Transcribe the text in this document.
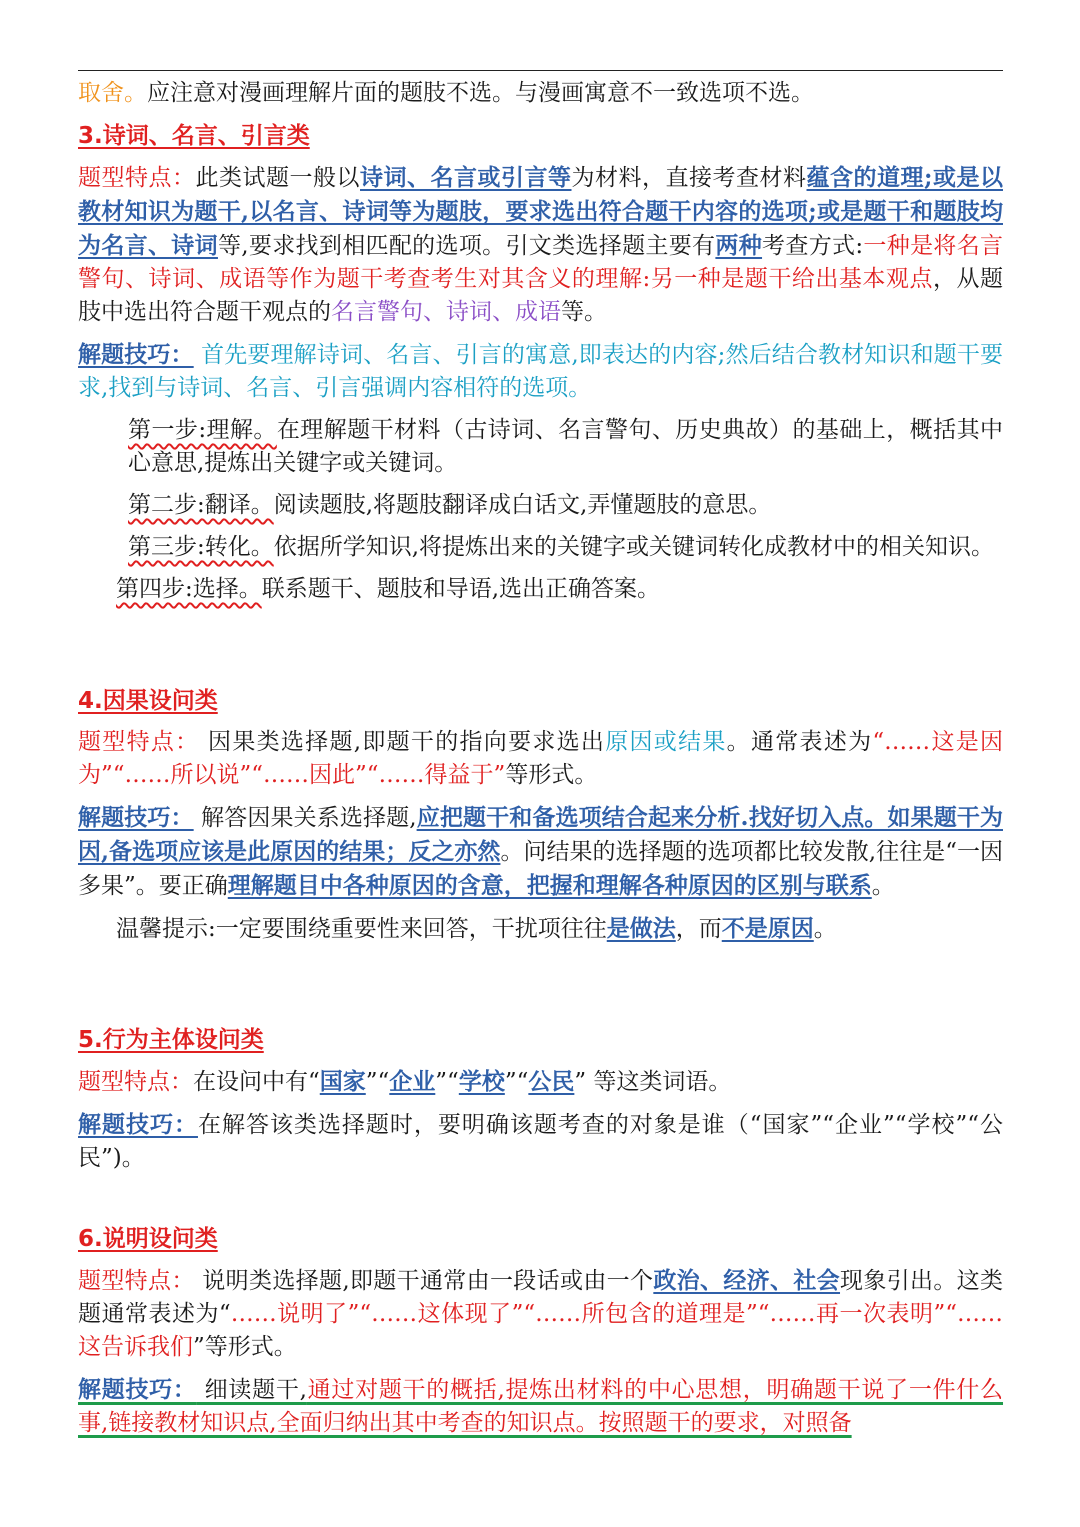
取舍。应注意对漫画理解片面的题肢不选。与漫画寓意不一致选项不选。

3.诗词、名言、引言类

题型特点：此类试题一般以诗词、名言或引言等为材料，直接考查材料蕴含的道理;或是以教材知识为题干,以名言、诗词等为题肢，要求选出符合题干内容的选项;或是题干和题肢均为名言、诗词等,要求找到相匹配的选项。引文类选择题主要有两种考查方式:一种是将名言警句、诗词、成语等作为题干考查考生对其含义的理解:另一种是题干给出基本观点，从题肢中选出符合题干观点的名言警句、诗词、成语等。

解题技巧： 首先要理解诗词、名言、引言的寓意,即表达的内容;然后结合教材知识和题干要求,找到与诗词、名言、引言强调内容相符的选项。

第一步:理解。在理解题干材料（古诗词、名言警句、历史典故）的基础上，概括其中心意思,提炼出关键字或关键词。

第二步:翻译。阅读题肢,将题肢翻译成白话文,弄懂题肢的意思。

第三步:转化。依据所学知识,将提炼出来的关键字或关键词转化成教材中的相关知识。

第四步:选择。联系题干、题肢和导语,选出正确答案。

4.因果设问类

题型特点： 因果类选择题,即题干的指向要求选出原因或结果。通常表述为“……这是因为”“……所以说”“……因此”“……得益于”等形式。

解题技巧： 解答因果关系选择题,应把题干和备选项结合起来分析.找好切入点。如果题干为因,备选项应该是此原因的结果；反之亦然。问结果的选择题的选项都比较发散,往往是“一因多果”。要正确理解题目中各种原因的含意，把握和理解各种原因的区别与联系。

温馨提示:一定要围绕重要性来回答，干扰项往往是做法，而不是原因。

5.行为主体设问类

题型特点：在设问中有“国家”“企业”“学校”“公民” 等这类词语。

解题技巧：在解答该类选择题时，要明确该题考查的对象是谁（“国家”“企业”“学校”“公民”)。

6.说明设问类

题型特点： 说明类选择题,即题干通常由一段话或由一个政治、经济、社会现象引出。这类题通常表述为“……说明了”“……这体现了”“……所包含的道理是”“……再一次表明”“……这告诉我们”等形式。

解题技巧： 细读题干,通过对题干的概括,提炼出材料的中心思想，明确题干说了一件什么事,链接教材知识点,全面归纳出其中考查的知识点。按照题干的要求，对照备
